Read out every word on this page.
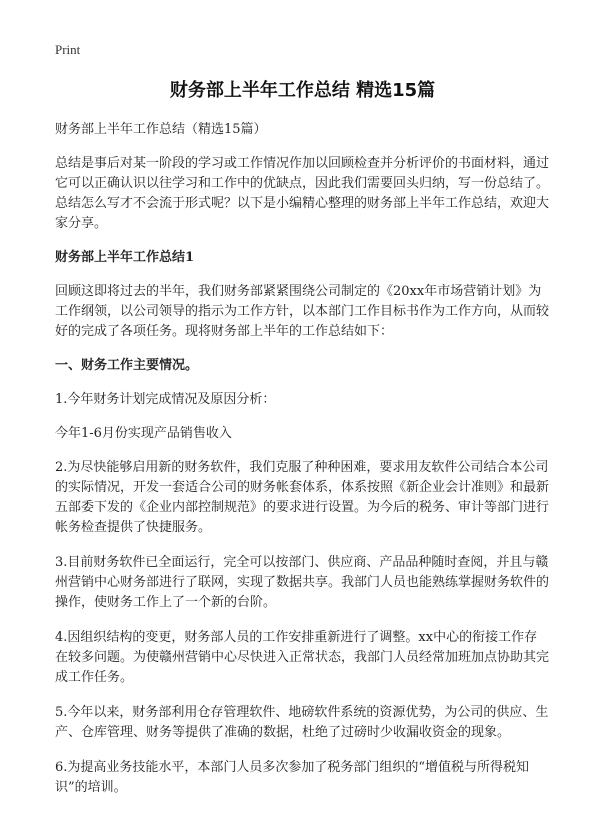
Print
财务部上半年工作总结 精选15篇

财务部上半年工作总结（精选15篇）

总结是事后对某一阶段的学习或工作情况作加以回顾检查并分析评价的书面材料，通过它可以正确认识以往学习和工作中的优缺点，因此我们需要回头归纳，写一份总结了。总结怎么写才不会流于形式呢？以下是小编精心整理的财务部上半年工作总结，欢迎大家分享。

财务部上半年工作总结1

回顾这即将过去的半年，我们财务部紧紧围绕公司制定的《20xx年市场营销计划》为工作纲领，以公司领导的指示为工作方针，以本部门工作目标书作为工作方向，从而较好的完成了各项任务。现将财务部上半年的工作总结如下：

一、财务工作主要情况。

1.今年财务计划完成情况及原因分析：

今年1-6月份实现产品销售收入

2.为尽快能够启用新的财务软件，我们克服了种种困难，要求用友软件公司结合本公司的实际情况，开发一套适合公司的财务帐套体系，体系按照《新企业会计准则》和最新五部委下发的《企业内部控制规范》的要求进行设置。为今后的税务、审计等部门进行帐务检查提供了快捷服务。

3.目前财务软件已全面运行，完全可以按部门、供应商、产品品种随时查阅，并且与赣州营销中心财务部进行了联网，实现了数据共享。我部门人员也能熟练掌握财务软件的操作，使财务工作上了一个新的台阶。

4.因组织结构的变更，财务部人员的工作安排重新进行了调整。xx中心的衔接工作存在较多问题。为使赣州营销中心尽快进入正常状态，我部门人员经常加班加点协助其完成工作任务。

5.今年以来，财务部利用仓存管理软件、地磅软件系统的资源优势，为公司的供应、生产、仓库管理、财务等提供了准确的数据，杜绝了过磅时少收漏收资金的现象。

6.为提高业务技能水平，本部门人员多次参加了税务部门组织的“增值税与所得税知识”的培训。
